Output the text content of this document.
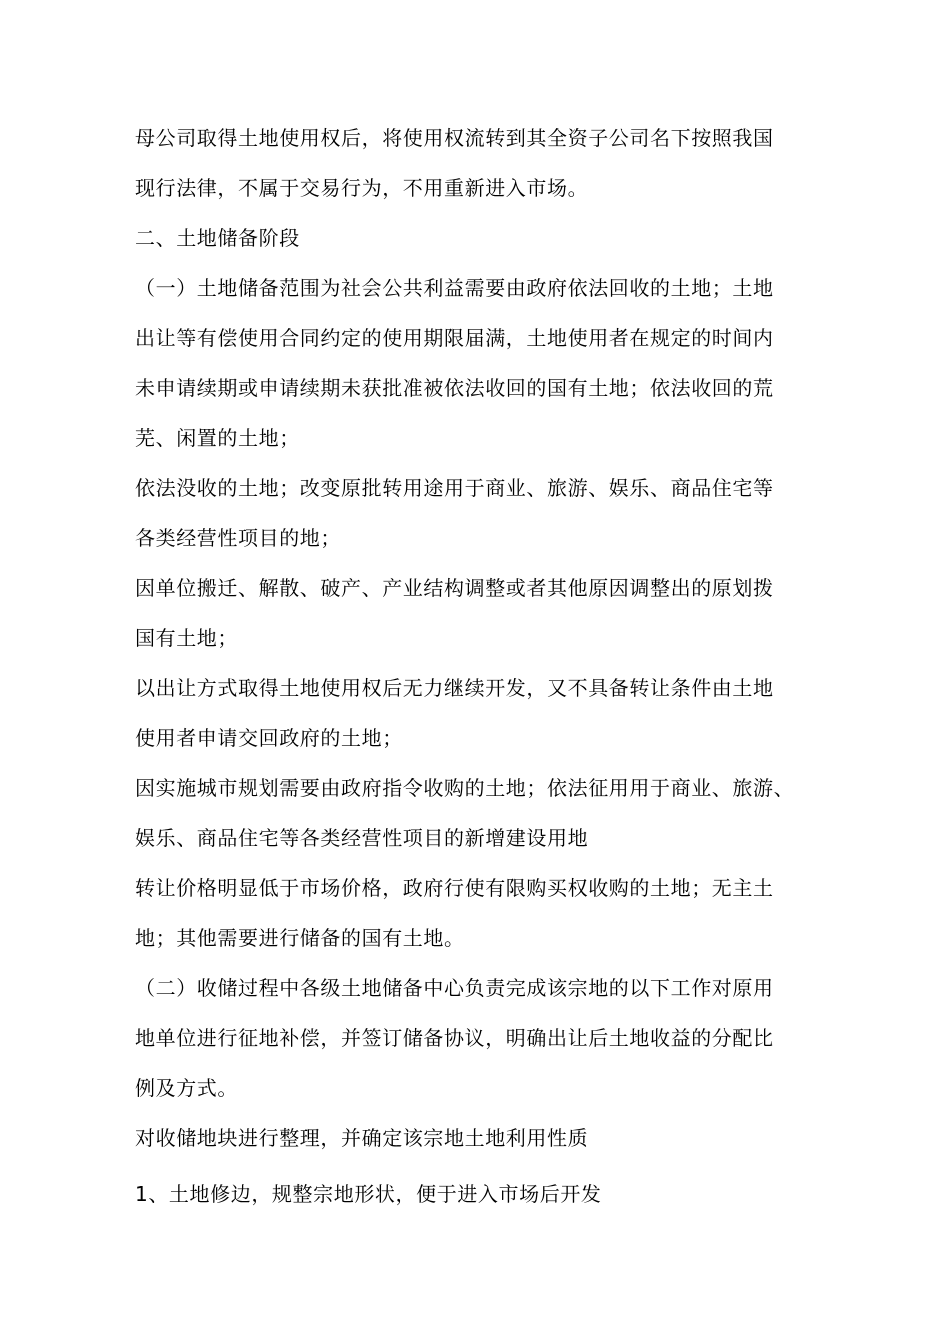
母公司取得土地使用权后，将使用权流转到其全资子公司名下按照我国
现行法律，不属于交易行为，不用重新进入市场。
二、土地储备阶段
（一）土地储备范围为社会公共利益需要由政府依法回收的土地；土地
出让等有偿使用合同约定的使用期限届满，土地使用者在规定的时间内
未申请续期或申请续期未获批准被依法收回的国有土地；依法收回的荒
芜、闲置的土地；
依法没收的土地；改变原批转用途用于商业、旅游、娱乐、商品住宅等
各类经营性项目的地；
因单位搬迁、解散、破产、产业结构调整或者其他原因调整出的原划拨
国有土地；
以出让方式取得土地使用权后无力继续开发，又不具备转让条件由土地
使用者申请交回政府的土地；
因实施城市规划需要由政府指令收购的土地；依法征用用于商业、旅游、
娱乐、商品住宅等各类经营性项目的新增建设用地
转让价格明显低于市场价格，政府行使有限购买权收购的土地；无主土
地；其他需要进行储备的国有土地。
（二）收储过程中各级土地储备中心负责完成该宗地的以下工作对原用
地单位进行征地补偿，并签订储备协议，明确出让后土地收益的分配比
例及方式。
对收储地块进行整理，并确定该宗地土地利用性质
1、土地修边，规整宗地形状，便于进入市场后开发
